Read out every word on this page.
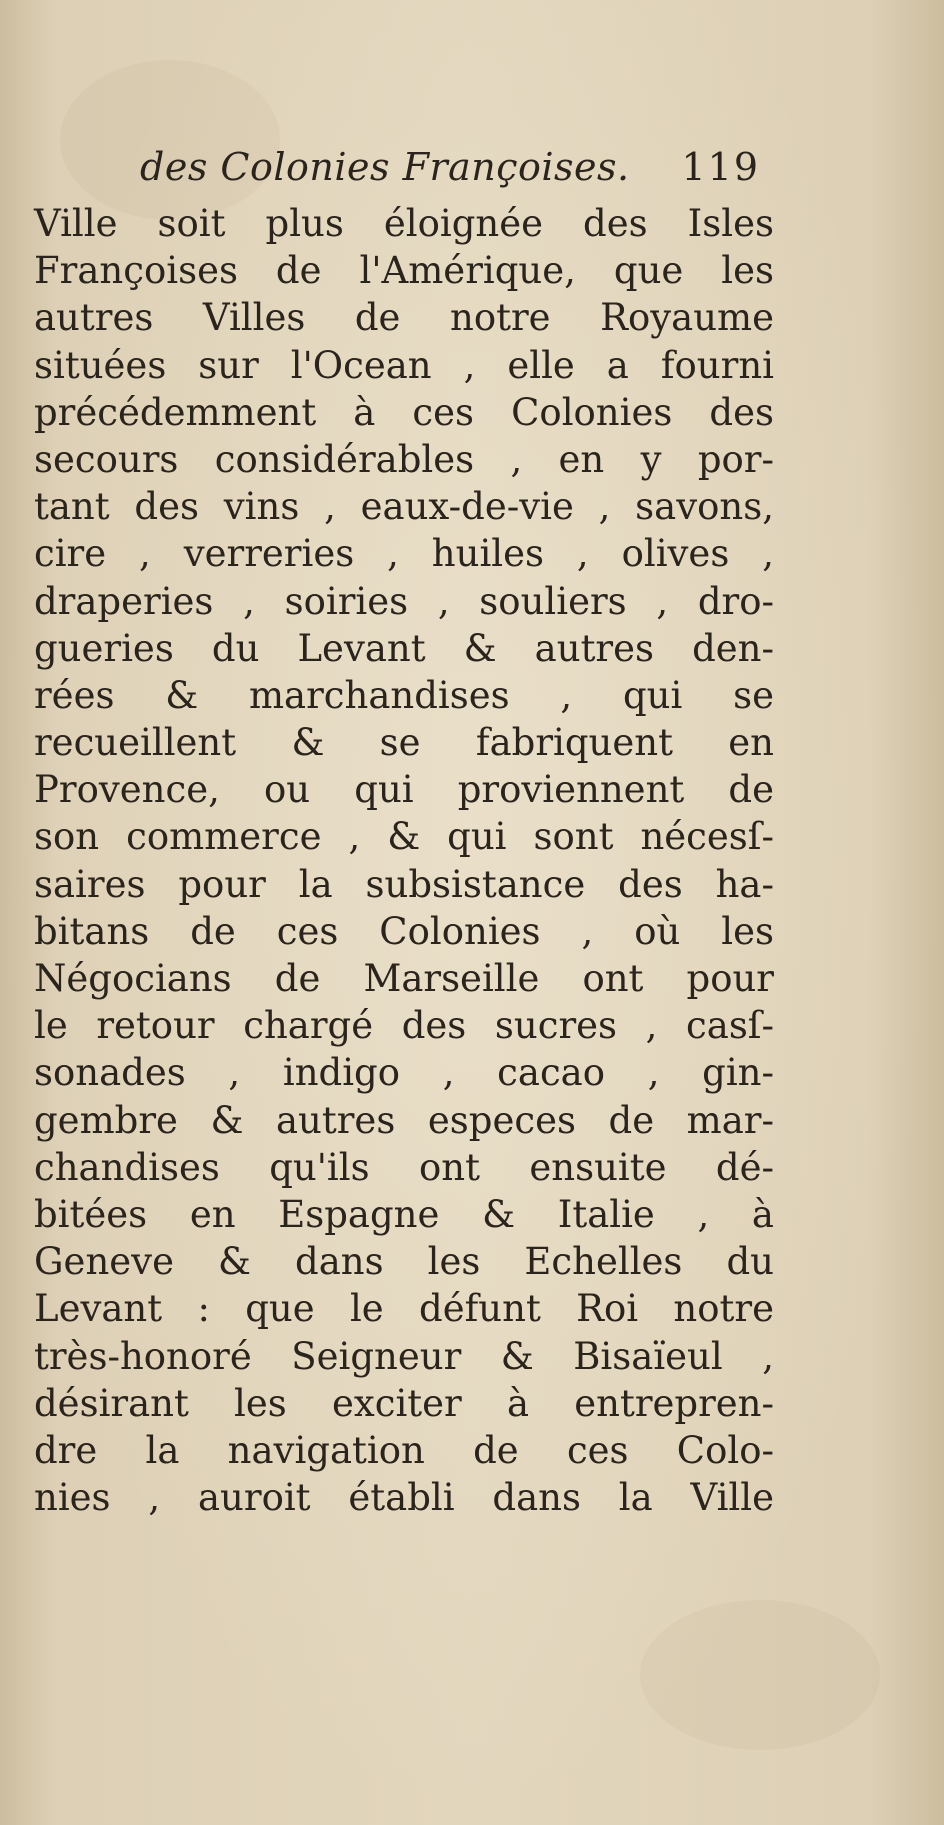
des Colonies Françoises. 119
Ville soit plus éloignée des Isles
Françoises de l'Amérique, que les
autres Villes de notre Royaume
situées sur l'Ocean , elle a fourni
précédemment à ces Colonies des
secours considérables , en y por-
tant des vins , eaux-de-vie , savons,
cire , verreries , huiles , olives ,
draperies , soiries , souliers , dro-
gueries du Levant & autres den-
rées & marchandises , qui se
recueillent & se fabriquent en
Provence, ou qui proviennent de
son commerce , & qui sont nécesſ-
saires pour la subsistance des ha-
bitans de ces Colonies , où les
Négocians de Marseille ont pour
le retour chargé des sucres , casſ-
sonades , indigo , cacao , gin-
gembre & autres especes de mar-
chandises qu'ils ont ensuite dé-
bitées en Espagne & Italie , à
Geneve & dans les Echelles du
Levant : que le défunt Roi notre
très-honoré Seigneur & Bisaïeul ,
désirant les exciter à entrepren-
dre la navigation de ces Colo-
nies , auroit établi dans la Ville
